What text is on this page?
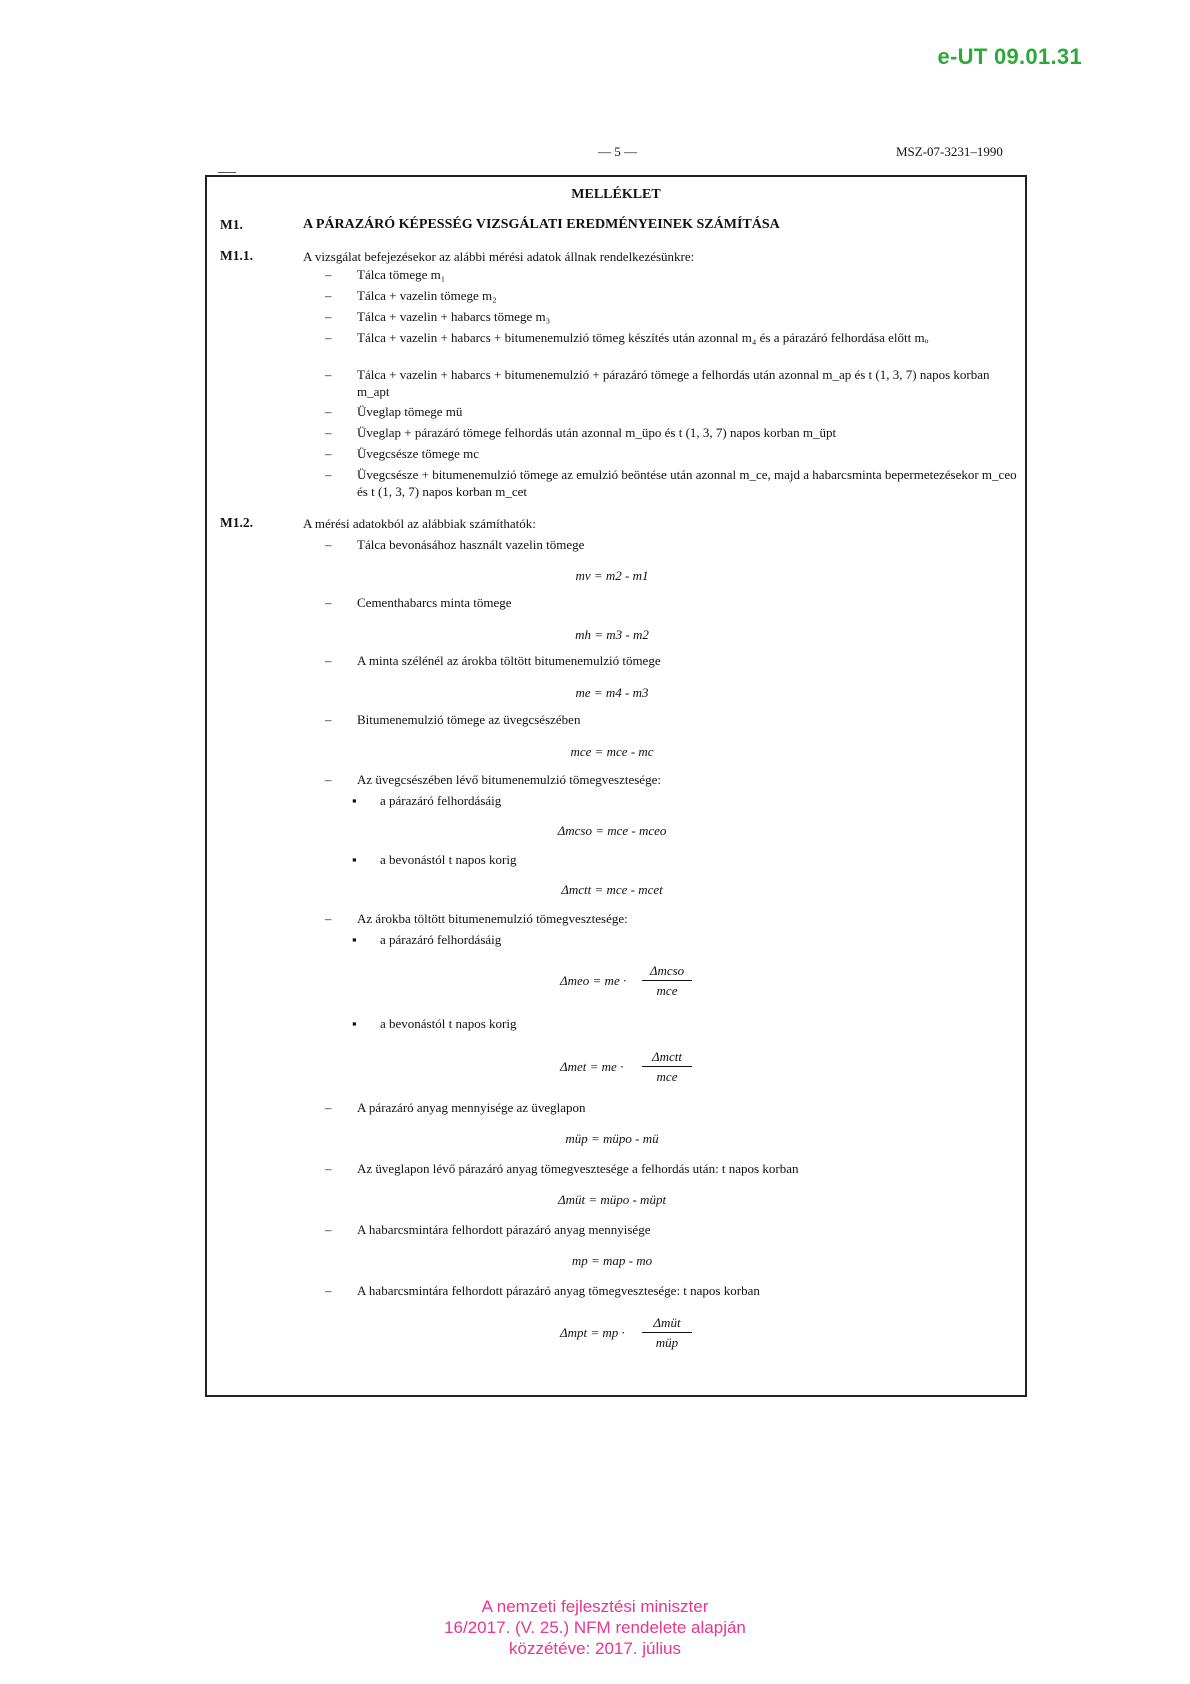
e-UT 09.01.31
— 5 —	MSZ-07-3231–1990
MELLÉKLET
M1.	A PÁRAZÁRÓ KÉPESSÉG VIZSGÁLATI EREDMÉNYEINEK SZÁMÍTÁSA
M1.1.	A vizsgálat befejezésekor az alábbi mérési adatok állnak rendelkezésünkre:
– Tálca tömege m₁
– Tálca + vazelin tömege m₂
– Tálca + vazelin + habarcs tömege m₃
– Tálca + vazelin + habarcs + bitumenemulzió tömeg készítés után azonnal m₄ és a párazáró felhordása előtt mₒ
– Tálca + vazelin + habarcs + bitumenemulzió + párazáró tömege a felhordás után azonnal m_ap és t (1, 3, 7) napos korban m_apt
– Üveglap tömege mü
– Üveglap + párazáró tömege felhordás után azonnal m_üpo és t (1, 3, 7) napos korban m_üpt
– Üvegcsésze tömege mc
– Üvegcsésze + bitumenemulzió tömege az emulzió beöntése után azonnal m_ce, majd a habarcsminta bepermetezésekor m_ceo és t (1, 3, 7) napos korban m_cet
M1.2.	A mérési adatokból az alábbiak számíthatók:
– Tálca bevonásához használt vazelin tömege
mv = m2 - m1
– Cementhabarcs minta tömege
mh = m3 - m2
– A minta szélénél az árokba töltött bitumenemulzió tömege
me = m4 - m3
– Bitumenemulzió tömege az üvegcsészében
mce = mce - mc
– Az üvegcsészében lévő bitumenemulzió tömegvesztesége:
▪ a párazáró felhordásáig
Δmcso = mce - mceo
▪ a bevonástól t napos korig
Δmctt = mce - mcet
– Az árokba töltött bitumenemulzió tömegvesztesége:
▪ a párazáró felhordásáig
Δmeo = me ·
Δmcso
mce
▪ a bevonástól t napos korig
Δmet = me ·
Δmctt
mce
– A párazáró anyag mennyisége az üveglapon
müp = müpo - mü
– Az üveglapon lévő párazáró anyag tömegvesztesége a felhordás után: t napos korban
Δmüt = müpo - müpt
– A habarcsmintára felhordott párazáró anyag mennyisége
mp = map - mo
– A habarcsmintára felhordott párazáró anyag tömegvesztesége: t napos korban
Δmpt = mp ·
Δmüt
müp
A nemzeti fejlesztési miniszter
16/2017. (V. 25.) NFM rendelete alapján
közzétéve: 2017. július
